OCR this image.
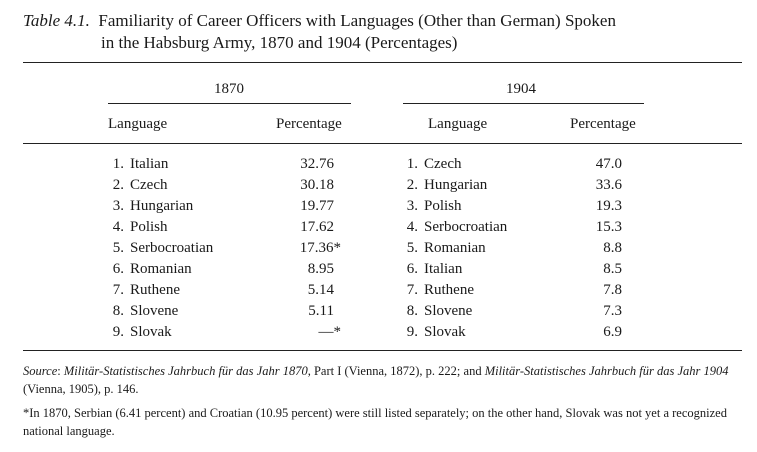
Table 4.1. Familiarity of Career Officers with Languages (Other than German) Spoken
in the Habsburg Army, 1870 and 1904 (Percentages)
1870	1904
Language	Percentage	Language	Percentage
1. Italian	32.76	1. Czech	47.0
2. Czech	30.18	2. Hungarian	33.6
3. Hungarian	19.77	3. Polish	19.3
4. Polish	17.62	4. Serbocroatian	15.3
5. Serbocroatian	17.36*	5. Romanian	8.8
6. Romanian	8.95	6. Italian	8.5
7. Ruthene	5.14	7. Ruthene	7.8
8. Slovene	5.11	8. Slovene	7.3
9. Slovak	—*	9. Slovak	6.9
Source: Militär-Statistisches Jahrbuch für das Jahr 1870, Part I (Vienna, 1872), p. 222; and Militär-Statistisches Jahrbuch für das Jahr 1904 (Vienna, 1905), p. 146.
*In 1870, Serbian (6.41 percent) and Croatian (10.95 percent) were still listed separately; on the other hand, Slovak was not yet a recognized national language.
